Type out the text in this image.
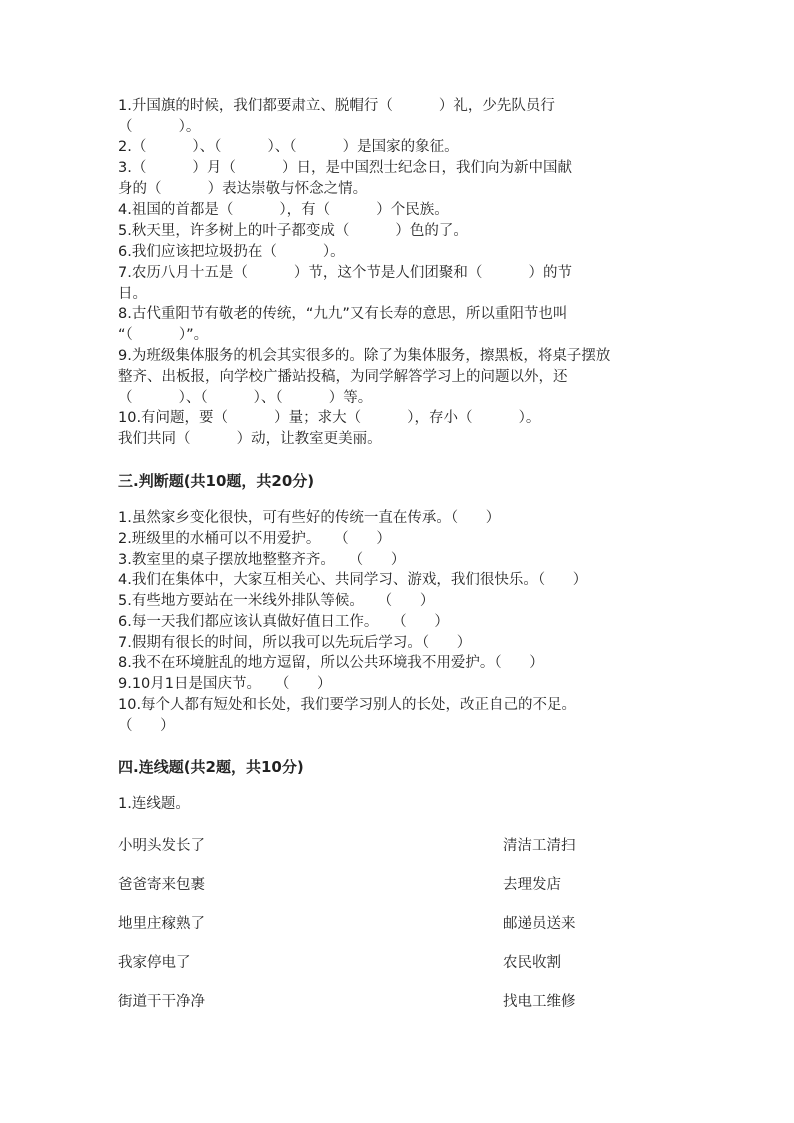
1.升国旗的时候，我们都要肃立、脱帽行（          ）礼，少先队员行
（          ）。

2.（          ）、（          ）、（          ）是国家的象征。

3.（          ）月（          ）日，是中国烈士纪念日，我们向为新中国献
身的（          ）表达崇敬与怀念之情。

4.祖国的首都是（          ），有（          ）个民族。

5.秋天里，许多树上的叶子都变成（          ）色的了。

6.我们应该把垃圾扔在（          ）。

7.农历八月十五是（          ）节，这个节是人们团聚和（          ）的节
日。

8.古代重阳节有敬老的传统，“九九”又有长寿的意思，所以重阳节也叫
“（          ）”。

9.为班级集体服务的机会其实很多的。除了为集体服务，擦黑板，将桌子摆放
整齐、出板报，向学校广播站投稿，为同学解答学习上的问题以外，还
（          ）、（          ）、（          ）等。

10.有问题，要（          ）量；求大（          ），存小（          ）。
我们共同（          ）动，让教室更美丽。

三.判断题(共10题，共20分)

1.虽然家乡变化很快，可有些好的传统一直在传承。（      ）

2.班级里的水桶可以不用爱护。   （      ）

3.教室里的桌子摆放地整整齐齐。   （      ）

4.我们在集体中，大家互相关心、共同学习、游戏，我们很快乐。（      ）

5.有些地方要站在一米线外排队等候。   （      ）

6.每一天我们都应该认真做好值日工作。   （      ）

7.假期有很长的时间，所以我可以先玩后学习。（      ）

8.我不在环境脏乱的地方逗留，所以公共环境我不用爱护。（      ）

9.10月1日是国庆节。   （      ）

10.每个人都有短处和长处，我们要学习别人的长处，改正自己的不足。
（      ）

四.连线题(共2题，共10分)

1.连线题。

小明头发长了	清洁工清扫
爸爸寄来包裹	去理发店
地里庄稼熟了	邮递员送来
我家停电了	农民收割
街道干干净净	找电工维修
